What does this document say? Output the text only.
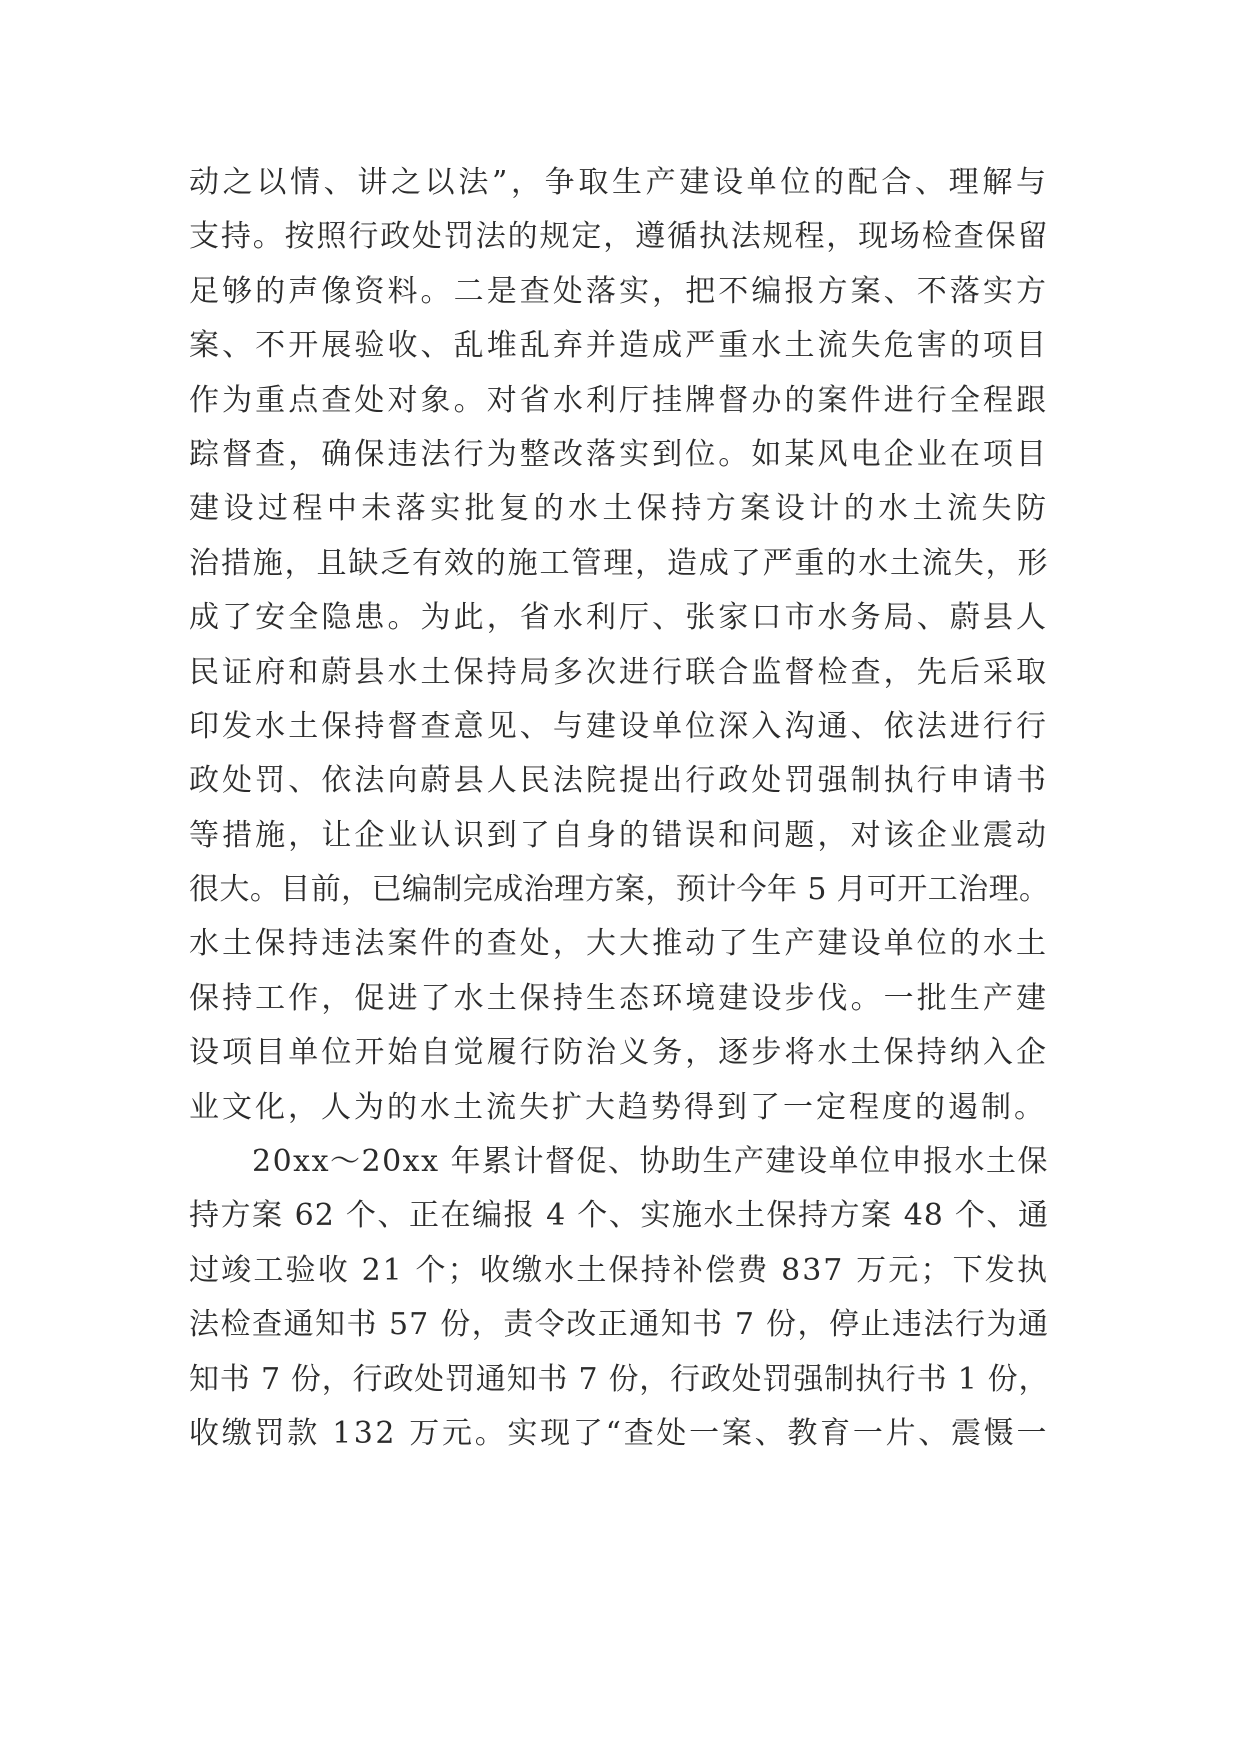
动之以情、讲之以法”，争取生产建设单位的配合、理解与
支持。按照行政处罚法的规定，遵循执法规程，现场检查保留
足够的声像资料。二是查处落实，把不编报方案、不落实方
案、不开展验收、乱堆乱弃并造成严重水土流失危害的项目
作为重点查处对象。对省水利厅挂牌督办的案件进行全程跟
踪督查，确保违法行为整改落实到位。如某风电企业在项目
建设过程中未落实批复的水土保持方案设计的水土流失防
治措施，且缺乏有效的施工管理，造成了严重的水土流失，形
成了安全隐患。为此，省水利厅、张家口市水务局、蔚县人
民证府和蔚县水土保持局多次进行联合监督检查，先后采取
印发水土保持督查意见、与建设单位深入沟通、依法进行行
政处罚、依法向蔚县人民法院提出行政处罚强制执行申请书
等措施，让企业认识到了自身的错误和问题，对该企业震动
很大。目前，已编制完成治理方案，预计今年 5 月可开工治理。
水土保持违法案件的查处，大大推动了生产建设单位的水土
保持工作，促进了水土保持生态环境建设步伐。一批生产建
设项目单位开始自觉履行防治义务，逐步将水土保持纳入企
业文化，人为的水土流失扩大趋势得到了一定程度的遏制。
20xx～20xx 年累计督促、协助生产建设单位申报水土保
持方案 62 个、正在编报 4 个、实施水土保持方案 48 个、通
过竣工验收 21 个；收缴水土保持补偿费 837 万元；下发执
法检查通知书 57 份，责令改正通知书 7 份，停止违法行为通
知书 7 份，行政处罚通知书 7 份，行政处罚强制执行书 1 份，
收缴罚款 132 万元。实现了“查处一案、教育一片、震慑一
